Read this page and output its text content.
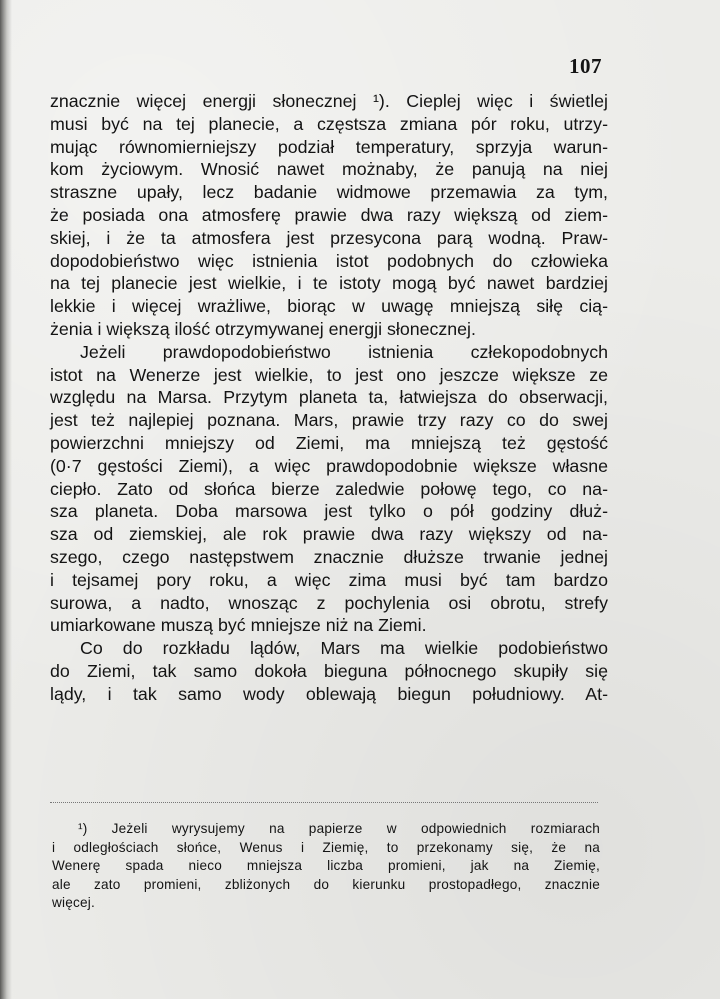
107
znacznie więcej energji słonecznej ¹). Cieplej więc i świetlej
musi być na tej planecie, a częstsza zmiana pór roku, utrzy-
mując równomierniejszy podział temperatury, sprzyja warun-
kom życiowym. Wnosić nawet możnaby, że panują na niej
straszne upały, lecz badanie widmowe przemawia za tym,
że posiada ona atmosferę prawie dwa razy większą od ziem-
skiej, i że ta atmosfera jest przesycona parą wodną. Praw-
dopodobieństwo więc istnienia istot podobnych do człowieka
na tej planecie jest wielkie, i te istoty mogą być nawet bardziej
lekkie i więcej wrażliwe, biorąc w uwagę mniejszą siłę cią-
żenia i większą ilość otrzymywanej energji słonecznej.
Jeżeli prawdopodobieństwo istnienia człekopodobnych
istot na Wenerze jest wielkie, to jest ono jeszcze większe ze
względu na Marsa. Przytym planeta ta, łatwiejsza do obserwacji,
jest też najlepiej poznana. Mars, prawie trzy razy co do swej
powierzchni mniejszy od Ziemi, ma mniejszą też gęstość
(0·7 gęstości Ziemi), a więc prawdopodobnie większe własne
ciepło. Zato od słońca bierze zaledwie połowę tego, co na-
sza planeta. Doba marsowa jest tylko o pół godziny dłuż-
sza od ziemskiej, ale rok prawie dwa razy większy od na-
szego, czego następstwem znacznie dłuższe trwanie jednej
i tejsamej pory roku, a więc zima musi być tam bardzo
surowa, a nadto, wnosząc z pochylenia osi obrotu, strefy
umiarkowane muszą być mniejsze niż na Ziemi.
Co do rozkładu lądów, Mars ma wielkie podobieństwo
do Ziemi, tak samo dokoła bieguna północnego skupiły się
lądy, i tak samo wody oblewają biegun południowy. At-
¹) Jeżeli wyrysujemy na papierze w odpowiednich rozmiarach
i odległościach słońce, Wenus i Ziemię, to przekonamy się, że na
Wenerę spada nieco mniejsza liczba promieni, jak na Ziemię,
ale zato promieni, zbliżonych do kierunku prostopadłego, znacznie
więcej.
